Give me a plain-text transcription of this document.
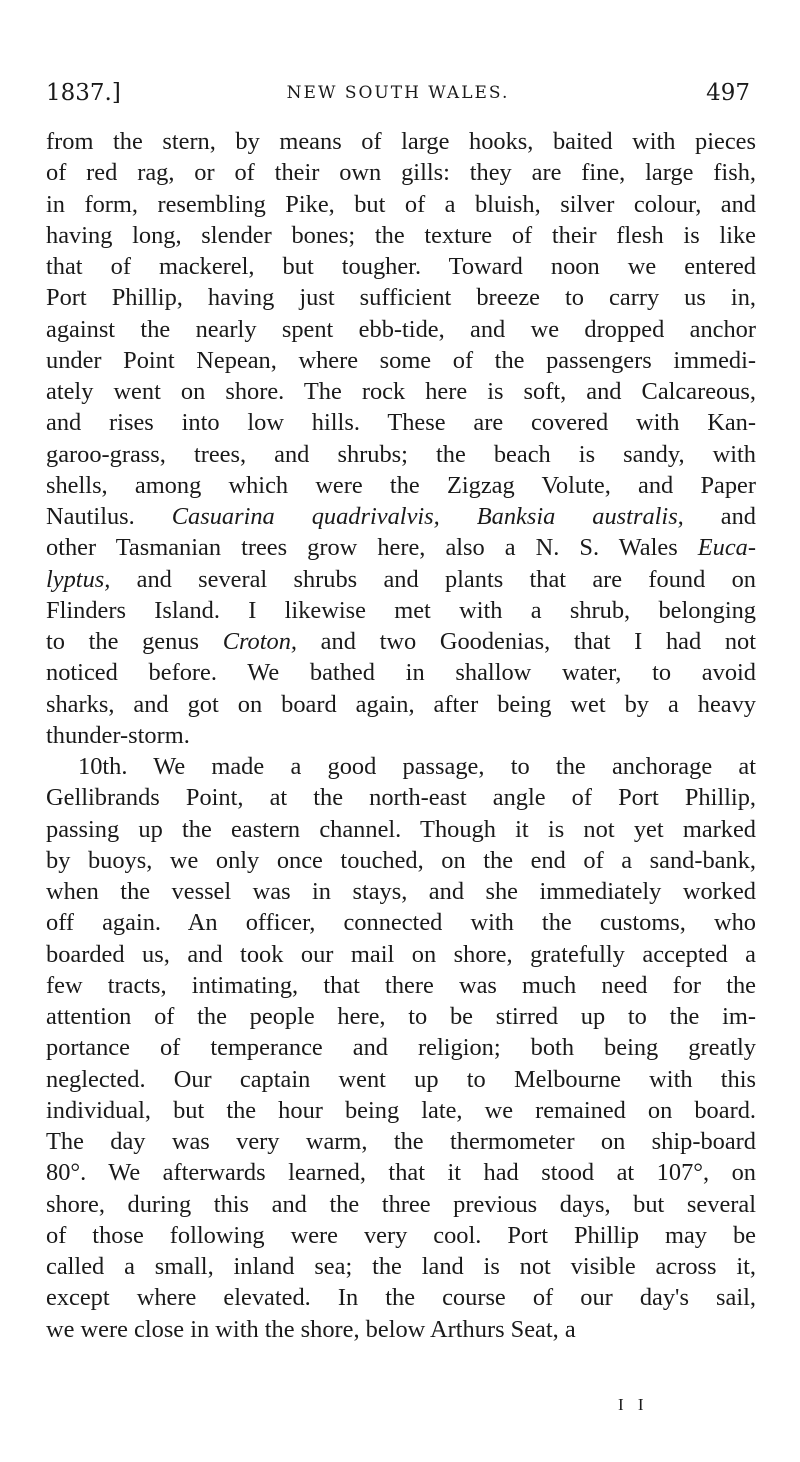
1837.]	NEW SOUTH WALES.	497
from the stern, by means of large hooks, baited with pieces
of red rag, or of their own gills: they are fine, large fish,
in form, resembling Pike, but of a bluish, silver colour, and
having long, slender bones; the texture of their flesh is like
that of mackerel, but tougher. Toward noon we entered
Port Phillip, having just sufficient breeze to carry us in,
against the nearly spent ebb-tide, and we dropped anchor
under Point Nepean, where some of the passengers immedi-
ately went on shore. The rock here is soft, and Calcareous,
and rises into low hills. These are covered with Kan-
garoo-grass, trees, and shrubs; the beach is sandy, with
shells, among which were the Zigzag Volute, and Paper
Nautilus. Casuarina quadrivalvis, Banksia australis, and
other Tasmanian trees grow here, also a N. S. Wales Euca-
lyptus, and several shrubs and plants that are found on
Flinders Island. I likewise met with a shrub, belonging
to the genus Croton, and two Goodenias, that I had not
noticed before. We bathed in shallow water, to avoid
sharks, and got on board again, after being wet by a heavy
thunder-storm.
10th. We made a good passage, to the anchorage at
Gellibrands Point, at the north-east angle of Port Phillip,
passing up the eastern channel. Though it is not yet marked
by buoys, we only once touched, on the end of a sand-bank,
when the vessel was in stays, and she immediately worked
off again. An officer, connected with the customs, who
boarded us, and took our mail on shore, gratefully accepted a
few tracts, intimating, that there was much need for the
attention of the people here, to be stirred up to the im-
portance of temperance and religion; both being greatly
neglected. Our captain went up to Melbourne with this
individual, but the hour being late, we remained on board.
The day was very warm, the thermometer on ship-board
80°. We afterwards learned, that it had stood at 107°, on
shore, during this and the three previous days, but several
of those following were very cool. Port Phillip may be
called a small, inland sea; the land is not visible across it,
except where elevated. In the course of our day's sail,
we were close in with the shore, below Arthurs Seat, a
I I
